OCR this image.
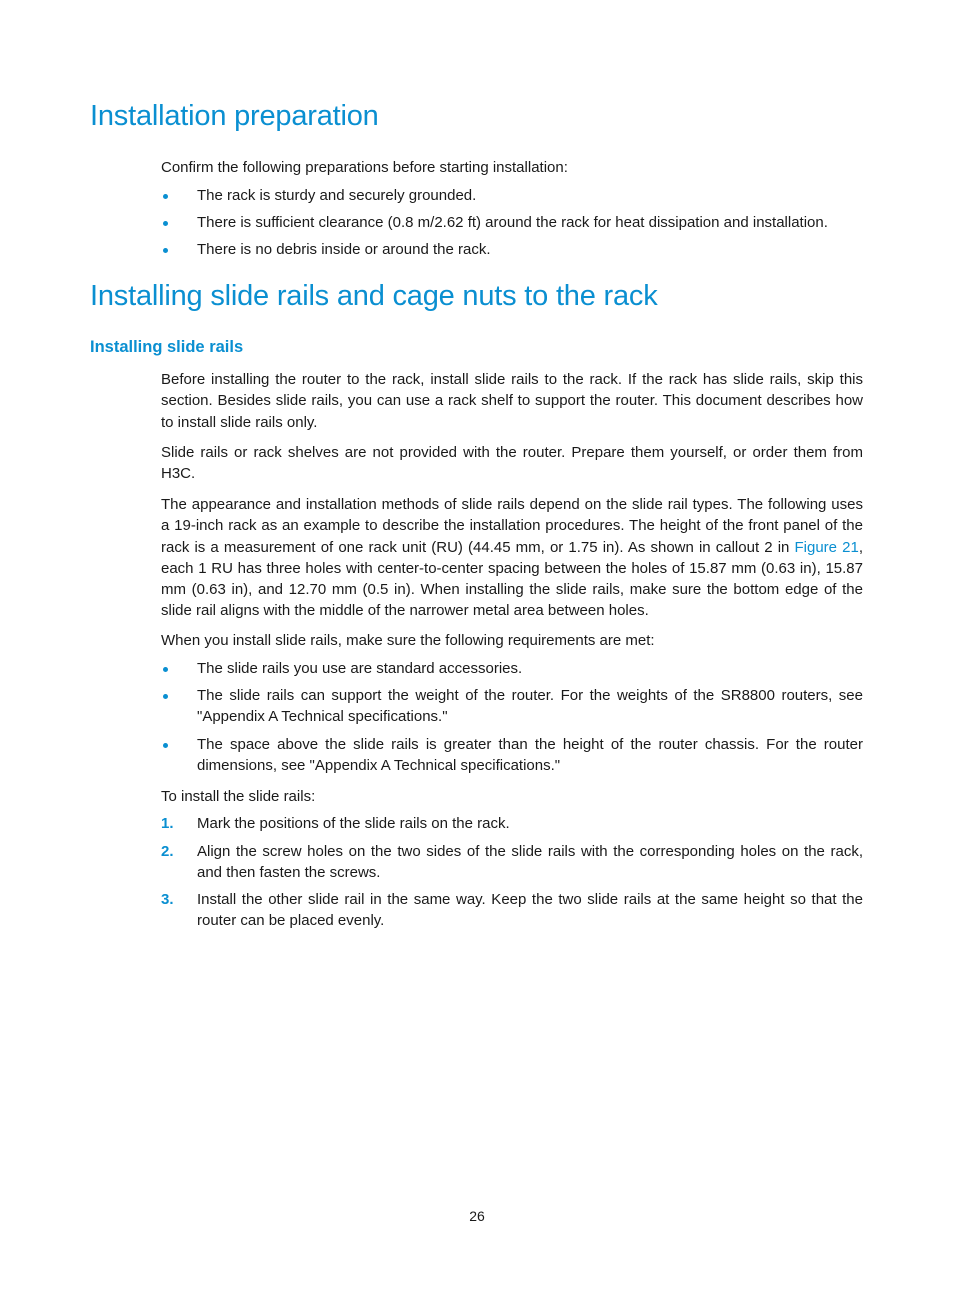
Installation preparation

Confirm the following preparations before starting installation:

The rack is sturdy and securely grounded.
There is sufficient clearance (0.8 m/2.62 ft) around the rack for heat dissipation and installation.
There is no debris inside or around the rack.
Installing slide rails and cage nuts to the rack
Installing slide rails

Before installing the router to the rack, install slide rails to the rack. If the rack has slide rails, skip this section. Besides slide rails, you can use a rack shelf to support the router. This document describes how to install slide rails only.

Slide rails or rack shelves are not provided with the router. Prepare them yourself, or order them from H3C.

The appearance and installation methods of slide rails depend on the slide rail types. The following uses a 19-inch rack as an example to describe the installation procedures. The height of the front panel of the rack is a measurement of one rack unit (RU) (44.45 mm, or 1.75 in). As shown in callout 2 in Figure 21, each 1 RU has three holes with center-to-center spacing between the holes of 15.87 mm (0.63 in), 15.87 mm (0.63 in), and 12.70 mm (0.5 in). When installing the slide rails, make sure the bottom edge of the slide rail aligns with the middle of the narrower metal area between holes.

When you install slide rails, make sure the following requirements are met:

The slide rails you use are standard accessories.
The slide rails can support the weight of the router. For the weights of the SR8800 routers, see "Appendix A Technical specifications."
The space above the slide rails is greater than the height of the router chassis. For the router dimensions, see "Appendix A Technical specifications."

To install the slide rails:

1.	Mark the positions of the slide rails on the rack.
2.	Align the screw holes on the two sides of the slide rails with the corresponding holes on the rack, and then fasten the screws.
3.	Install the other slide rail in the same way. Keep the two slide rails at the same height so that the router can be placed evenly.
26
